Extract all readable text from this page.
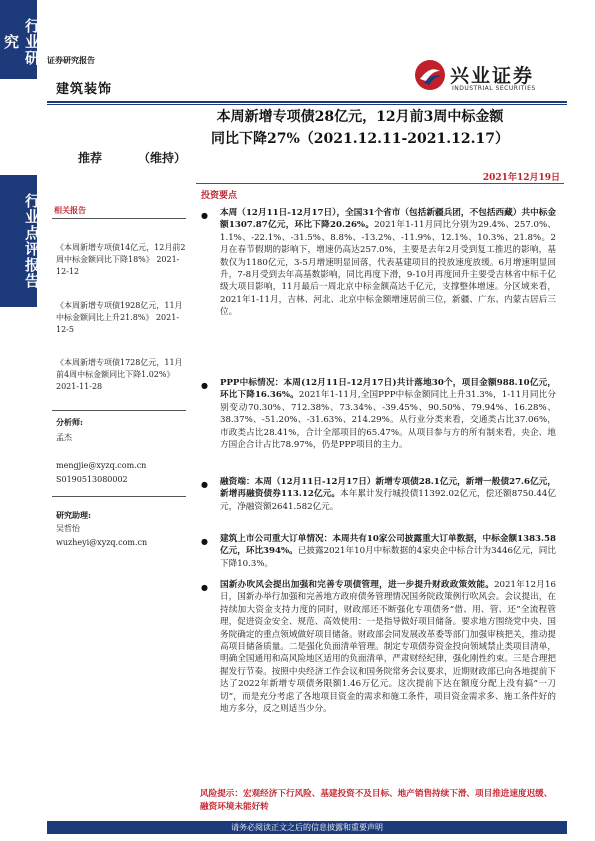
行业研究
行业点评报告
证券研究报告
建筑装饰
兴业证券
INDUSTRIAL SECURITIES
本周新增专项债28亿元，12月前3周中标金额
同比下降27%（2021.12.11-2021.12.17）
推荐	（维持）
2021年12月19日
投资要点
相关报告
《本周新增专项债14亿元，12月前2周中标金额同比下降18%》 2021-12-12
《本周新增专项债1928亿元，11月中标金额同比上升21.8%》 2021-12-5
《本周新增专项债1728亿元，11月前4周中标金额同比下降1.02%》 2021-11-28
分析师:
孟杰
mengjie@xyzq.com.cn
S0190513080002
研究助理:
吴哲怡
wuzheyi@xyzq.com.cn
● 本周（12月11日-12月17日），全国31个省市（包括新疆兵团，不包括西藏）共中标金额1307.87亿元，环比下降20.26%。2021年1-11月同比分别为29.4%、257.0%、1.1%、-22.1%、-31.5%、8.8%、-13.2%、-11.9%、12.1%、10.3%、21.8%。2月在春节假期的影响下，增速仍高达257.0%，主要是去年2月受到复工推迟的影响，基数仅为1180亿元，3-5月增速明显回落，代表基建项目的投放速度放缓。6月增速明显回升，7-8月受到去年高基数影响，同比再度下滑，9-10月再度回升主要受吉林省中标千亿级大项目影响，11月最后一周北京中标金额高达千亿元，支撑整体增速。分区域来看，2021年1-11月，吉林、河北、北京中标金额增速居前三位，新疆、广东、内蒙古居后三位。
● PPP中标情况：本周(12月11日-12月17日)共计落地30个，项目金额988.10亿元，环比下降16.36%。2021年1-11月,全国PPP中标金额同比上升31.3%，1-11月同比分别变动70.30%、712.38%、73.34%、-39.45%、90.50%、79.94%、16.28%、38.37%、-51.20%、-31.63%、214.29%。从行业分类来看，交通类占比37.06%，市政类占比28.41%，合计全部项目的65.47%。从项目参与方的所有制来看，央企、地方国企合计占比78.97%，仍是PPP项目的主力。
● 融资端：本周（12月11日-12月17日）新增专项债28.1亿元，新增一般债27.6亿元，新增再融资债券113.12亿元。本年累计发行城投债11392.02亿元，偿还额8750.44亿元，净融资额2641.582亿元。
● 建筑上市公司重大订单情况：本周共有10家公司披露重大订单数据，中标金额1383.58亿元，环比394%。已披露2021年10月中标数据的4家央企中标合计为3446亿元，同比下降10.3%。
● 国新办吹风会提出加强和完善专项债管理，进一步提升财政政策效能。2021年12月16日，国新办举行加强和完善地方政府债务管理情况国务院政策例行吹风会。会议提出，在持续加大资金支持力度的同时，财政部还不断强化专项债务“借、用、管、还”全流程管理，促进资金安全、规范、高效使用：一是指导做好项目储备。要求地方围绕党中央、国务院确定的重点领域做好项目储备。财政部会同发展改革委等部门加强审核把关，推动提高项目储备质量。二是强化负面清单管理。制定专项债券资金投向领域禁止类项目清单，明确全国通用和高风险地区适用的负面清单，严肃财经纪律，强化刚性约束。三是合理把握发行节奏。按照中央经济工作会议和国务院常务会议要求，近期财政部已向各地提前下达了2022年新增专项债务限额1.46万亿元。这次提前下达在额度分配上没有搞“一刀切”，而是充分考虑了各地项目资金的需求和施工条件，项目资金需求多、施工条件好的地方多分，反之则适当少分。
风险提示：宏观经济下行风险、基建投资不及目标、地产销售持续下滑、项目推进速度迟缓、融资环境未能好转
请务必阅读正文之后的信息披露和重要声明
